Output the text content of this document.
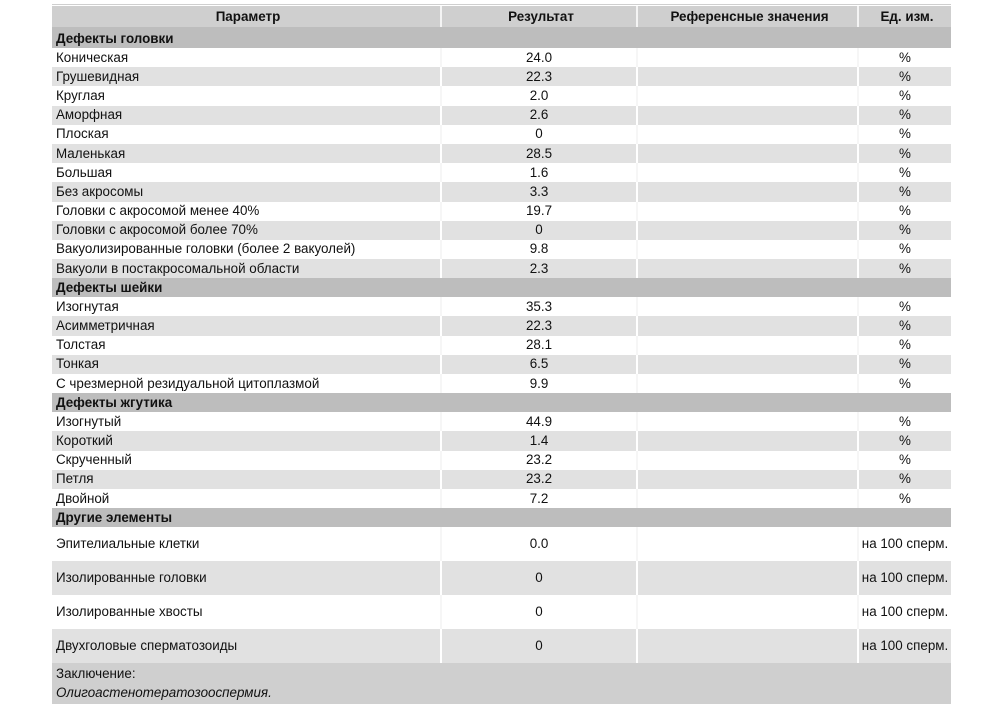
Параметр	Результат	Референсные значения	Ед. изм.
Дефекты головки			
Коническая	24.0		%
Грушевидная	22.3		%
Круглая	2.0		%
Аморфная	2.6		%
Плоская	0		%
Маленькая	28.5		%
Большая	1.6		%
Без акросомы	3.3		%
Головки с акросомой менее 40%	19.7		%
Головки с акросомой более 70%	0		%
Вакуолизированные головки (более 2 вакуолей)	9.8		%
Вакуоли в постакросомальной области	2.3		%
Дефекты шейки			
Изогнутая	35.3		%
Асимметричная	22.3		%
Толстая	28.1		%
Тонкая	6.5		%
С чрезмерной резидуальной цитоплазмой	9.9		%
Дефекты жгутика			
Изогнутый	44.9		%
Короткий	1.4		%
Скрученный	23.2		%
Петля	23.2		%
Двойной	7.2		%
Другие элементы			
Эпителиальные клетки	0.0		на 100 сперм.
Изолированные головки	0		на 100 сперм.
Изолированные хвосты	0		на 100 сперм.
Двухголовые сперматозоиды	0		на 100 сперм.

Заключение:
Олигоастенотератозооспермия.			
